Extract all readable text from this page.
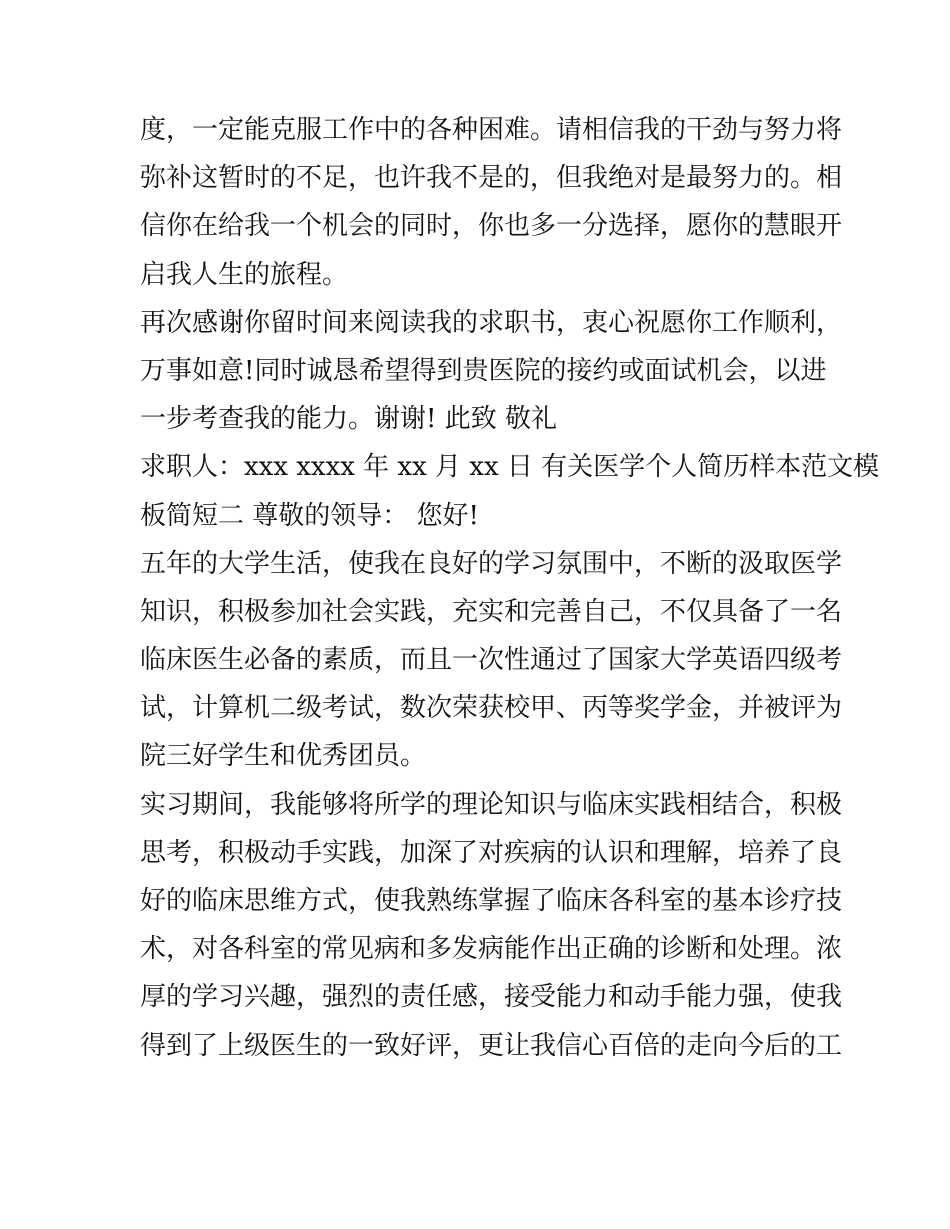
度，一定能克服工作中的各种困难。请相信我的干劲与努力将
弥补这暂时的不足，也许我不是的，但我绝对是最努力的。相
信你在给我一个机会的同时，你也多一分选择，愿你的慧眼开
启我人生的旅程。
再次感谢你留时间来阅读我的求职书，衷心祝愿你工作顺利，
万事如意!同时诚恳希望得到贵医院的接约或面试机会，以进
一步考查我的能力。谢谢! 此致 敬礼
求职人：xxx xxxx 年 xx 月 xx 日 有关医学个人简历样本范文模
板简短二 尊敬的领导： 您好!
五年的大学生活，使我在良好的学习氛围中，不断的汲取医学
知识，积极参加社会实践，充实和完善自己，不仅具备了一名
临床医生必备的素质，而且一次性通过了国家大学英语四级考
试，计算机二级考试，数次荣获校甲、丙等奖学金，并被评为
院三好学生和优秀团员。
实习期间，我能够将所学的理论知识与临床实践相结合，积极
思考，积极动手实践，加深了对疾病的认识和理解，培养了良
好的临床思维方式，使我熟练掌握了临床各科室的基本诊疗技
术，对各科室的常见病和多发病能作出正确的诊断和处理。浓
厚的学习兴趣，强烈的责任感，接受能力和动手能力强，使我
得到了上级医生的一致好评，更让我信心百倍的走向今后的工
